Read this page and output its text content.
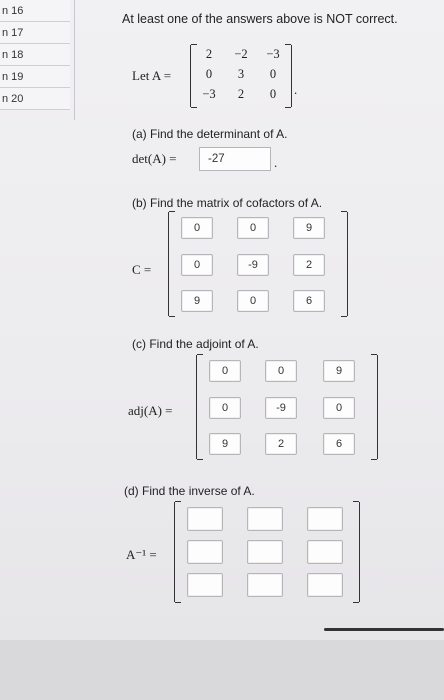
n 16
n 17
n 18
n 19
n 20
At least one of the answers above is NOT correct.
Let A =
2	−2	−3
0	3	0
−3	2	0	.
(a) Find the determinant of A.
det(A) =	-27	.
(b) Find the matrix of cofactors of A.
C =
0	0	9
0	-9	2
9	0	6
(c) Find the adjoint of A.
adj(A) =
0	0	9
0	-9	0
9	2	6
(d) Find the inverse of A.
A⁻¹ =
